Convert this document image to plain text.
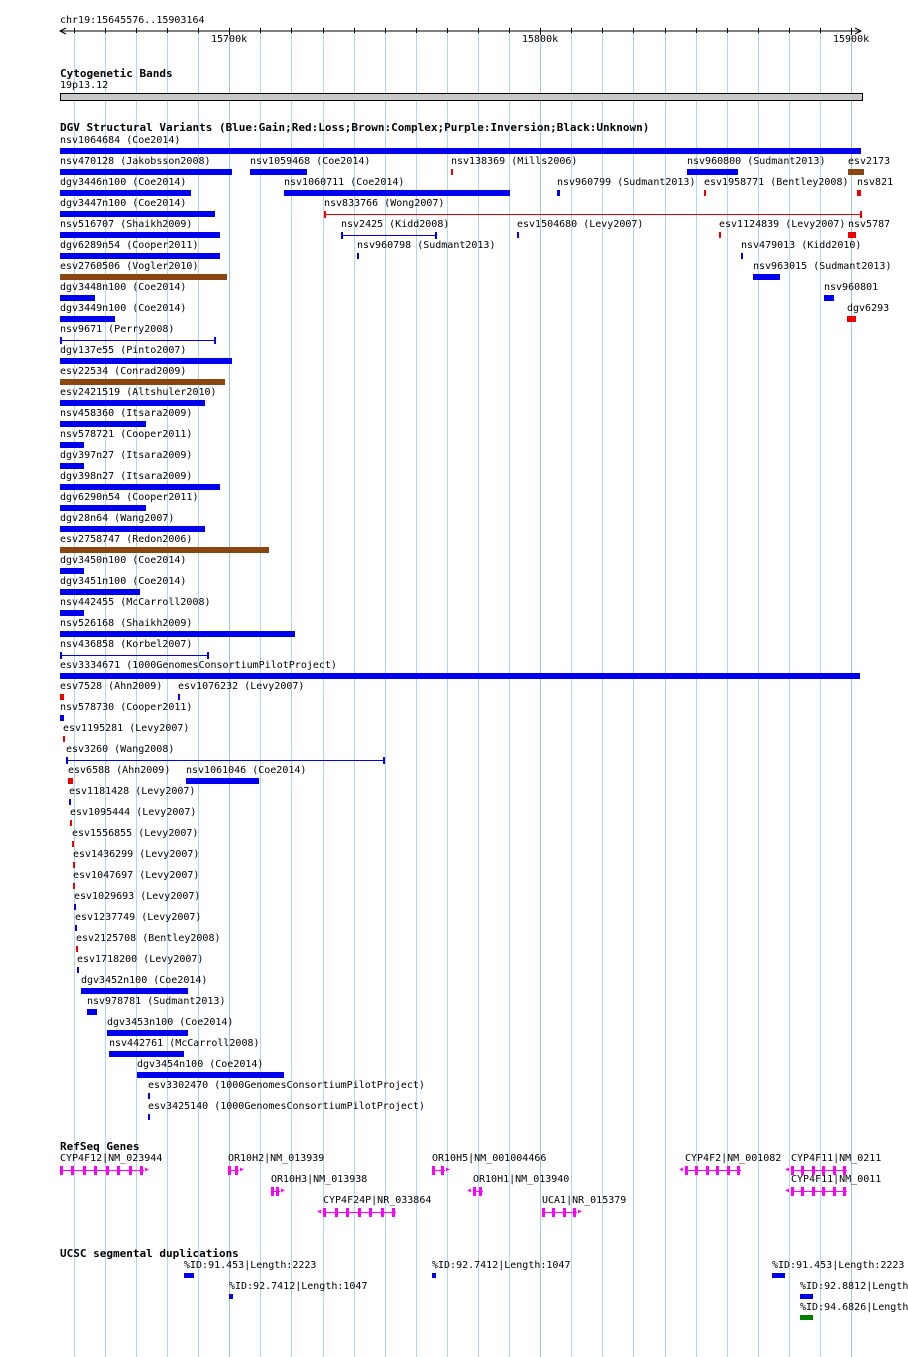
chr19:15645576..15903164
Cytogenetic Bands
19p13.12
DGV Structural Variants (Blue:Gain;Red:Loss;Brown:Complex;Purple:Inversion;Black:Unknown)
nsv1064684 (Coe2014)
nsv470128 (Jakobsson2008)	nsv1059468 (Coe2014)	nsv138369 (Mills2006)	nsv960800 (Sudmant2013) esv2173
dgv3446n100 (Coe2014)	nsv1060711 (Coe2014)	nsv960799 (Sudmant2013) esv1958771 (Bentley2008) nsv821
dgv3447n100 (Coe2014)	nsv833766 (Wong2007)
nsv516707 (Shaikh2009)	nsv2425 (Kidd2008)	esv1504680 (Levy2007)	esv1124839 (Levy2007) nsv5787
dgv6289n54 (Cooper2011)	nsv960798 (Sudmant2013)	nsv479013 (Kidd2010)
esv2760506 (Vogler2010)	nsv963015 (Sudmant2013)
dgv3448n100 (Coe2014)	nsv960801
dgv3449n100 (Coe2014)	dgv6293
nsv9671 (Perry2008)
dgv137e55 (Pinto2007)
esv22534 (Conrad2009)
esv2421519 (Altshuler2010)
nsv458360 (Itsara2009)
nsv578721 (Cooper2011)
dgv397n27 (Itsara2009)
dgv398n27 (Itsara2009)
dgv6290n54 (Cooper2011)
dgv28n64 (Wang2007)
esv2758747 (Redon2006)
dgv3450n100 (Coe2014)
dgv3451n100 (Coe2014)
nsv442455 (McCarroll2008)
nsv526168 (Shaikh2009)
nsv436858 (Korbel2007)
esv3334671 (1000GenomesConsortiumPilotProject)
esv7528 (Ahn2009) esv1076232 (Levy2007)
nsv578730 (Cooper2011)
esv1195281 (Levy2007)
esv3260 (Wang2008)
esv6588 (Ahn2009) nsv1061046 (Coe2014)
esv1181428 (Levy2007)
esv1095444 (Levy2007)
esv1556855 (Levy2007)
esv1436299 (Levy2007)
esv1047697 (Levy2007)
esv1029693 (Levy2007)
esv1237749 (Levy2007)
esv2125708 (Bentley2008)
esv1718200 (Levy2007)
dgv3452n100 (Coe2014)
nsv978781 (Sudmant2013)
dgv3453n100 (Coe2014)
nsv442761 (McCarroll2008)
dgv3454n100 (Coe2014)
esv3302470 (1000GenomesConsortiumPilotProject)
esv3425140 (1000GenomesConsortiumPilotProject)
RefSeq Genes
CYP4F12|NM_023944
▸
OR10H2|NM_013939
▸
OR10H5|NM_001004466
▸
CYP4F2|NM_001082
◂
CYP4F11|NM_0211
◂
OR10H3|NM_013938
▸
OR10H1|NM_013940
◂
CYP4F11|NM_0011
◂
CYP4F24P|NR_033864
◂
UCA1|NR_015379
▸
UCSC segmental duplications
%ID:91.453|Length:2223	%ID:92.7412|Length:1047	%ID:91.453|Length:2223
%ID:92.7412|Length:1047	%ID:92.8812|Length
%ID:94.6826|Length
15700k	15800k	15900k
